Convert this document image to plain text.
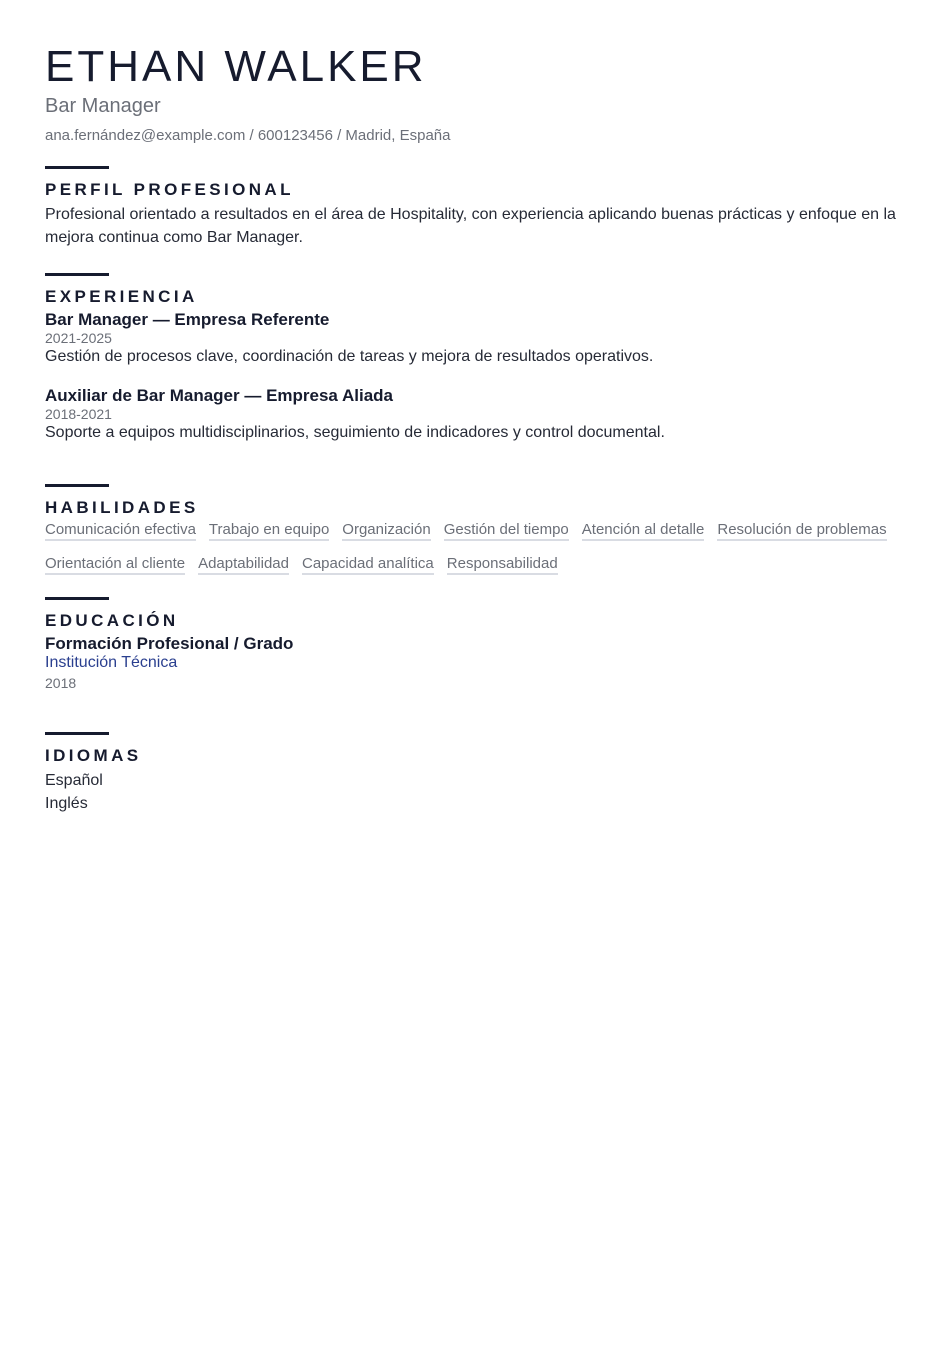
ETHAN WALKER
Bar Manager
ana.fernández@example.com / 600123456 / Madrid, España
PERFIL PROFESIONAL
Profesional orientado a resultados en el área de Hospitality, con experiencia aplicando buenas prácticas y enfoque en la mejora continua como Bar Manager.
EXPERIENCIA
Bar Manager — Empresa Referente
2021-2025
Gestión de procesos clave, coordinación de tareas y mejora de resultados operativos.
Auxiliar de Bar Manager — Empresa Aliada
2018-2021
Soporte a equipos multidisciplinarios, seguimiento de indicadores y control documental.
HABILIDADES
Comunicación efectiva Trabajo en equipo Organización Gestión del tiempo Atención al detalle Resolución de problemas
Orientación al cliente Adaptabilidad Capacidad analítica Responsabilidad
EDUCACIÓN
Formación Profesional / Grado
Institución Técnica
2018
IDIOMAS
Español
Inglés
